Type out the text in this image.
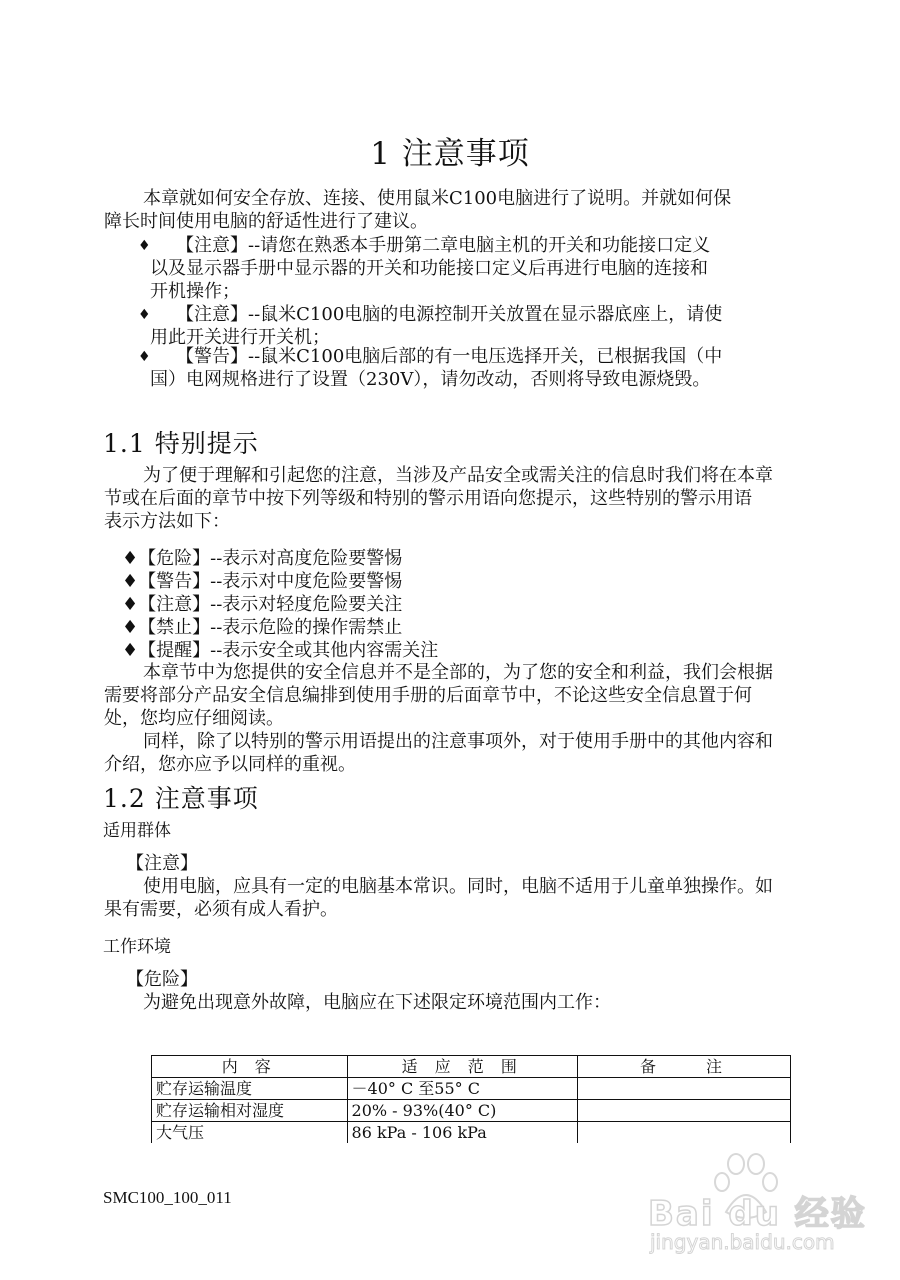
1 注意事项
本章就如何安全存放、连接、使用鼠米C100电脑进行了说明。并就如何保
障长时间使用电脑的舒适性进行了建议。
♦ 【注意】--请您在熟悉本手册第二章电脑主机的开关和功能接口定义
以及显示器手册中显示器的开关和功能接口定义后再进行电脑的连接和
开机操作；
♦ 【注意】--鼠米C100电脑的电源控制开关放置在显示器底座上，请使
用此开关进行开关机；
♦ 【警告】--鼠米C100电脑后部的有一电压选择开关，已根据我国（中
国）电网规格进行了设置（230V），请勿改动，否则将导致电源烧毁。
1.1 特别提示
为了便于理解和引起您的注意，当涉及产品安全或需关注的信息时我们将在本章
节或在后面的章节中按下列等级和特别的警示用语向您提示，这些特别的警示用语
表示方法如下：
♦【危险】--表示对高度危险要警惕
♦【警告】--表示对中度危险要警惕
♦【注意】--表示对轻度危险要关注
♦【禁止】--表示危险的操作需禁止
♦【提醒】--表示安全或其他内容需关注
本章节中为您提供的安全信息并不是全部的，为了您的安全和利益，我们会根据
需要将部分产品安全信息编排到使用手册的后面章节中，不论这些安全信息置于何
处，您均应仔细阅读。
同样，除了以特别的警示用语提出的注意事项外，对于使用手册中的其他内容和
介绍，您亦应予以同样的重视。
1.2 注意事项
适用群体
【注意】
使用电脑，应具有一定的电脑基本常识。同时，电脑不适用于儿童单独操作。如
果有需要，必须有成人看护。
工作环境
【危险】
为避免出现意外故障，电脑应在下述限定环境范围内工作：
内 容	适 应 范 围	备　　注
贮存运输温度	－40° C 至55° C	
贮存运输相对湿度	20% - 93%(40° C)	
大气压	86 kPa - 106 kPa	
SMC100_100_011	Bai du 经验
jingyan.baidu.com
